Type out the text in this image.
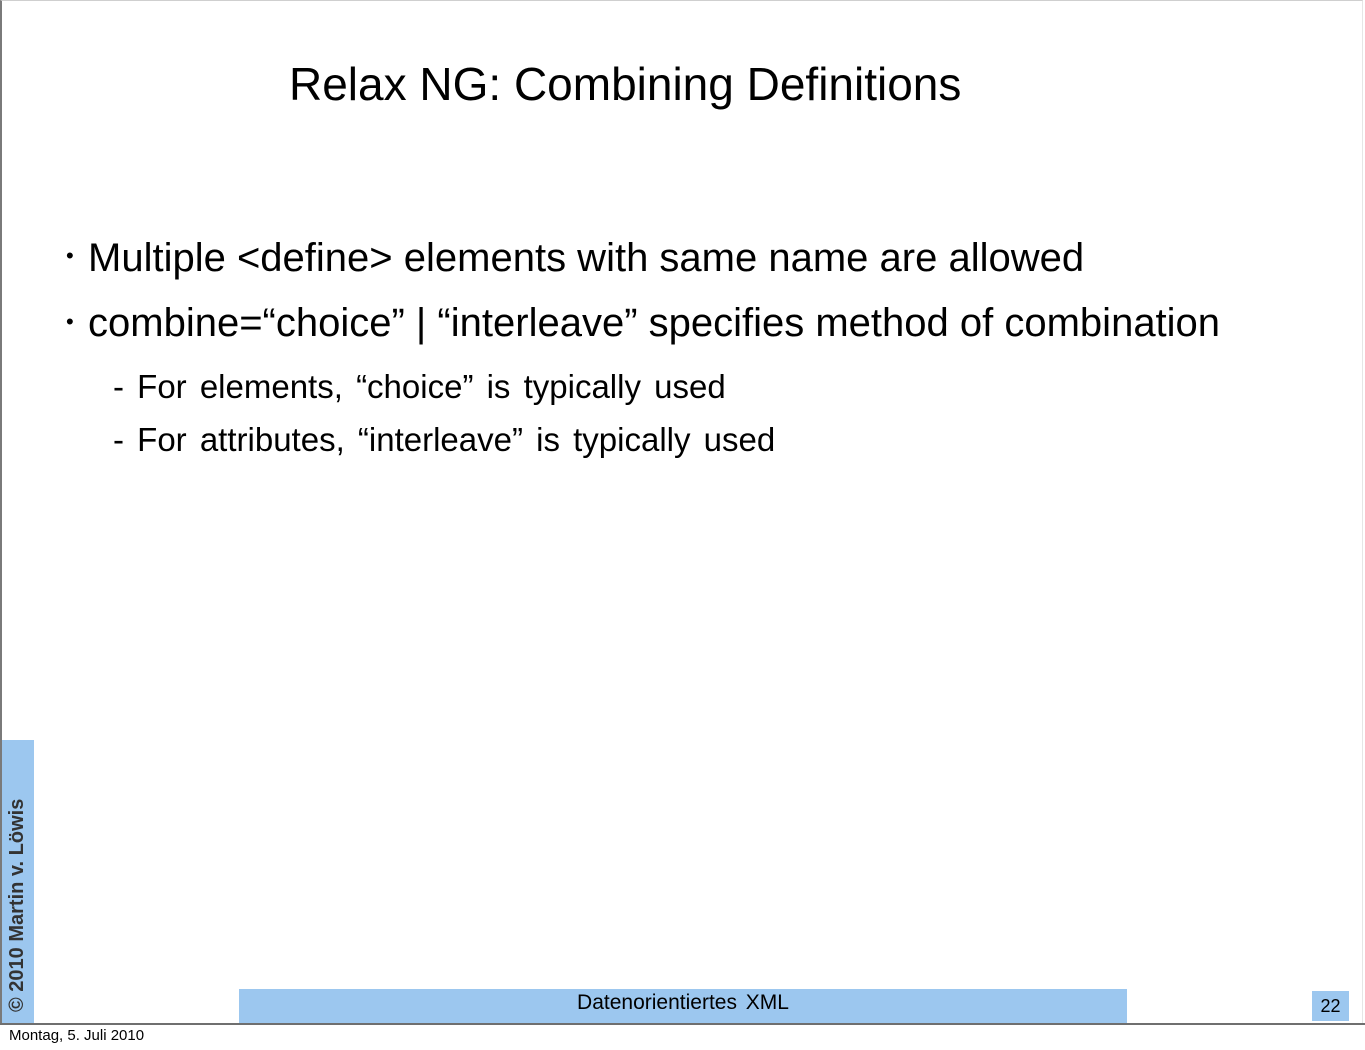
Relax NG: Combining Definitions
• Multiple <define> elements with same name are allowed
• combine=“choice” | “interleave” specifies method of combination
- For elements, “choice” is typically used
- For attributes, “interleave” is typically used
© 2010 Martin v. Löwis	Datenorientiertes XML	22
Montag, 5. Juli 2010
